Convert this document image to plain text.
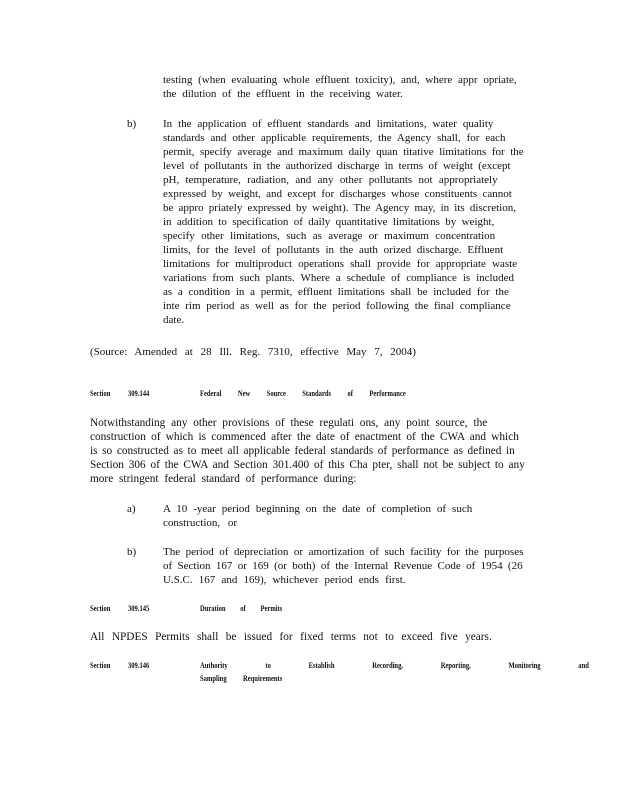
testing (when evaluating whole effluent toxicity), and, where appr opriate,
the dilution of the effluent in the receiving water.
b) In the application of effluent standards and limitations, water quality
standards and other applicable requirements, the Agency shall, for each
permit, specify average and maximum daily quan titative limitations for the
level of pollutants in the authorized discharge in terms of weight (except
pH, temperature, radiation, and any other pollutants not appropriately
expressed by weight, and except for discharges whose constituents cannot
be appro priately expressed by weight). The Agency may, in its discretion,
in addition to specification of daily quantitative limitations by weight,
specify other limitations, such as average or maximum concentration
limits, for the level of pollutants in the auth orized discharge. Effluent
limitations for multiproduct operations shall provide for appropriate waste
variations from such plants. Where a schedule of compliance is included
as a condition in a permit, effluent limitations shall be included for the
inte rim period as well as for the period following the final compliance
date.
(Source: Amended at 28 Ill. Reg. 7310, effective May 7, 2004)
Section 309.144	Federal New Source Standards of Performance
Notwithstanding any other provisions of these regulati ons, any point source, the
construction of which is commenced after the date of enactment of the CWA and which
is so constructed as to meet all applicable federal standards of performance as defined in
Section 306 of the CWA and Section 301.400 of this Cha pter, shall not be subject to any
more stringent federal standard of performance during:
a) A 10 -year period beginning on the date of completion of such
construction, or
b) The period of depreciation or amortization of such facility for the purposes
of Section 167 or 169 (or both) of the Internal Revenue Code of 1954 (26
U.S.C. 167 and 169), whichever period ends first.
Section 309.145	Duration of Permits
All NPDES Permits shall be issued for fixed terms not to exceed five years.
Section 309.146	Authority to Establish Recording, Reporting, Monitoring and
Sampling Requirements
